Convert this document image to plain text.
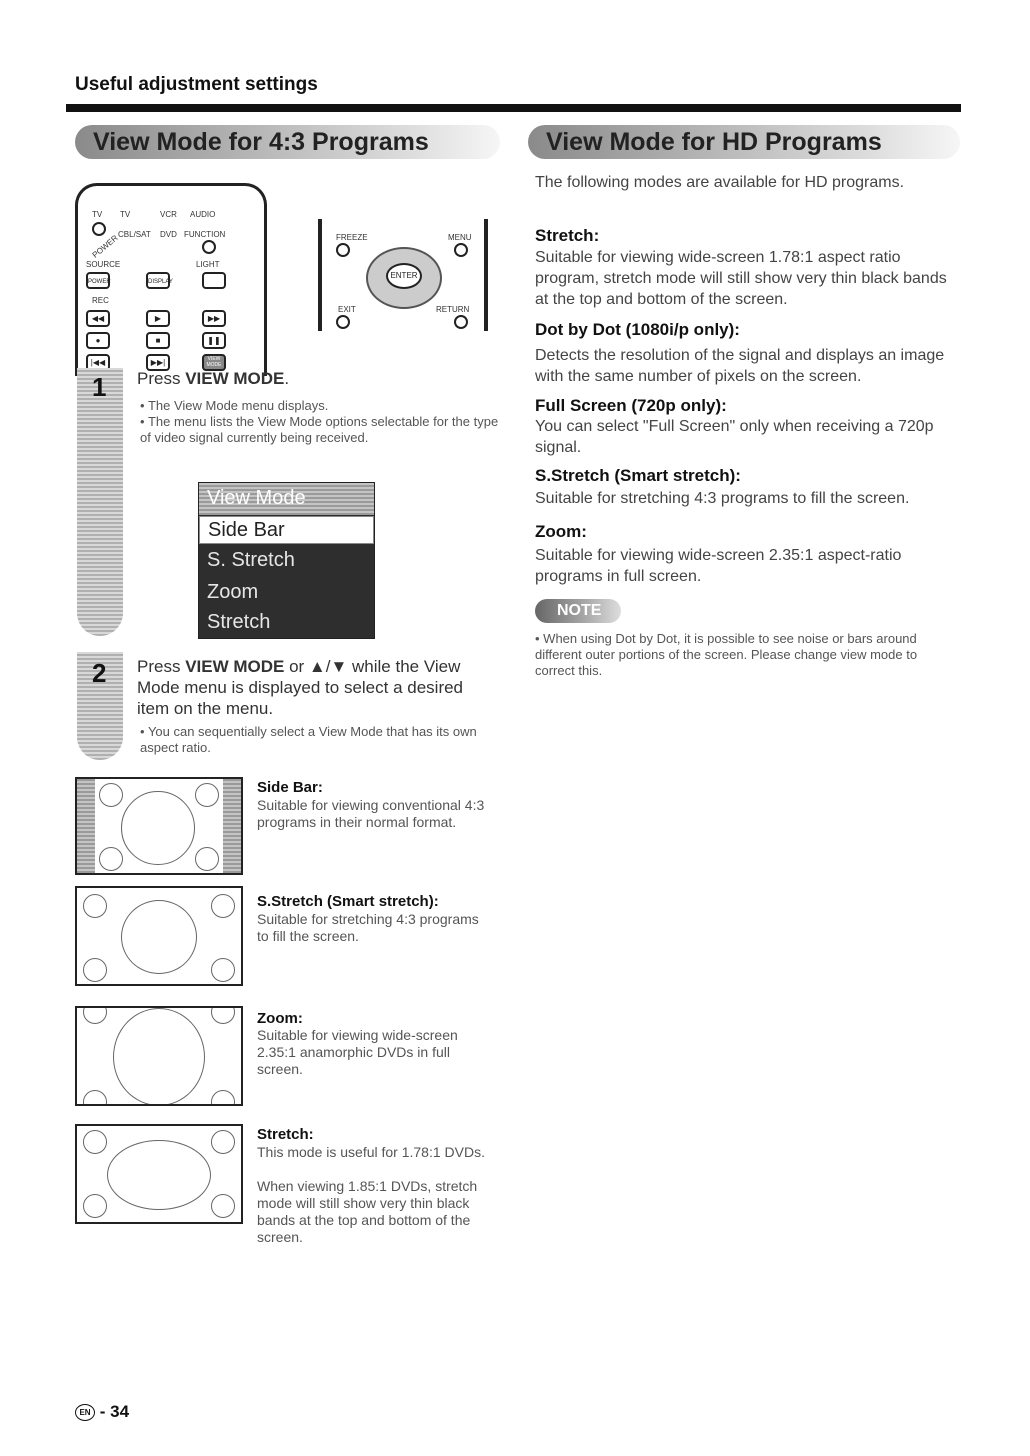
Useful adjustment settings
View Mode for 4:3 Programs	View Mode for HD Programs
TV TV	VCR AUDIO
CBL/SAT DVD FUNCTION
POWER
SOURCE	LIGHT
REC
POWER	DISPLAY
◀◀	▶	▶▶
●	■	❚❚
|◀◀	▶▶|	VIEW MODE
FREEZE	MENU
ENTER
EXIT	RETURN
1 Press VIEW MODE.
• The View Mode menu displays.
• The menu lists the View Mode options selectable for the type of video signal currently being received.
View Mode
Side Bar
S. Stretch
Zoom
Stretch
2 Press VIEW MODE or ▲/▼ while the View Mode menu is displayed to select a desired item on the menu.
• You can sequentially select a View Mode that has its own aspect ratio.
Side Bar:
Suitable for viewing conventional 4:3 programs in their normal format.
S.Stretch (Smart stretch):
Suitable for stretching 4:3 programs to fill the screen.
Zoom:
Suitable for viewing wide-screen 2.35:1 anamorphic DVDs in full screen.
Stretch:
This mode is useful for 1.78:1 DVDs.
When viewing 1.85:1 DVDs, stretch mode will still show very thin black bands at the top and bottom of the screen.
The following modes are available for HD programs.
Stretch:
Suitable for viewing wide-screen 1.78:1 aspect ratio program, stretch mode will still show very thin black bands at the top and bottom of the screen.
Dot by Dot (1080i/p only):
Detects the resolution of the signal and displays an image with the same number of pixels on the screen.
Full Screen (720p only):
You can select "Full Screen" only when receiving a 720p signal.
S.Stretch (Smart stretch):
Suitable for stretching 4:3 programs to fill the screen.
Zoom:
Suitable for viewing wide-screen 2.35:1 aspect-ratio programs in full screen.
NOTE
• When using Dot by Dot, it is possible to see noise or bars around different outer portions of the screen. Please change view mode to correct this.
EN - 34
